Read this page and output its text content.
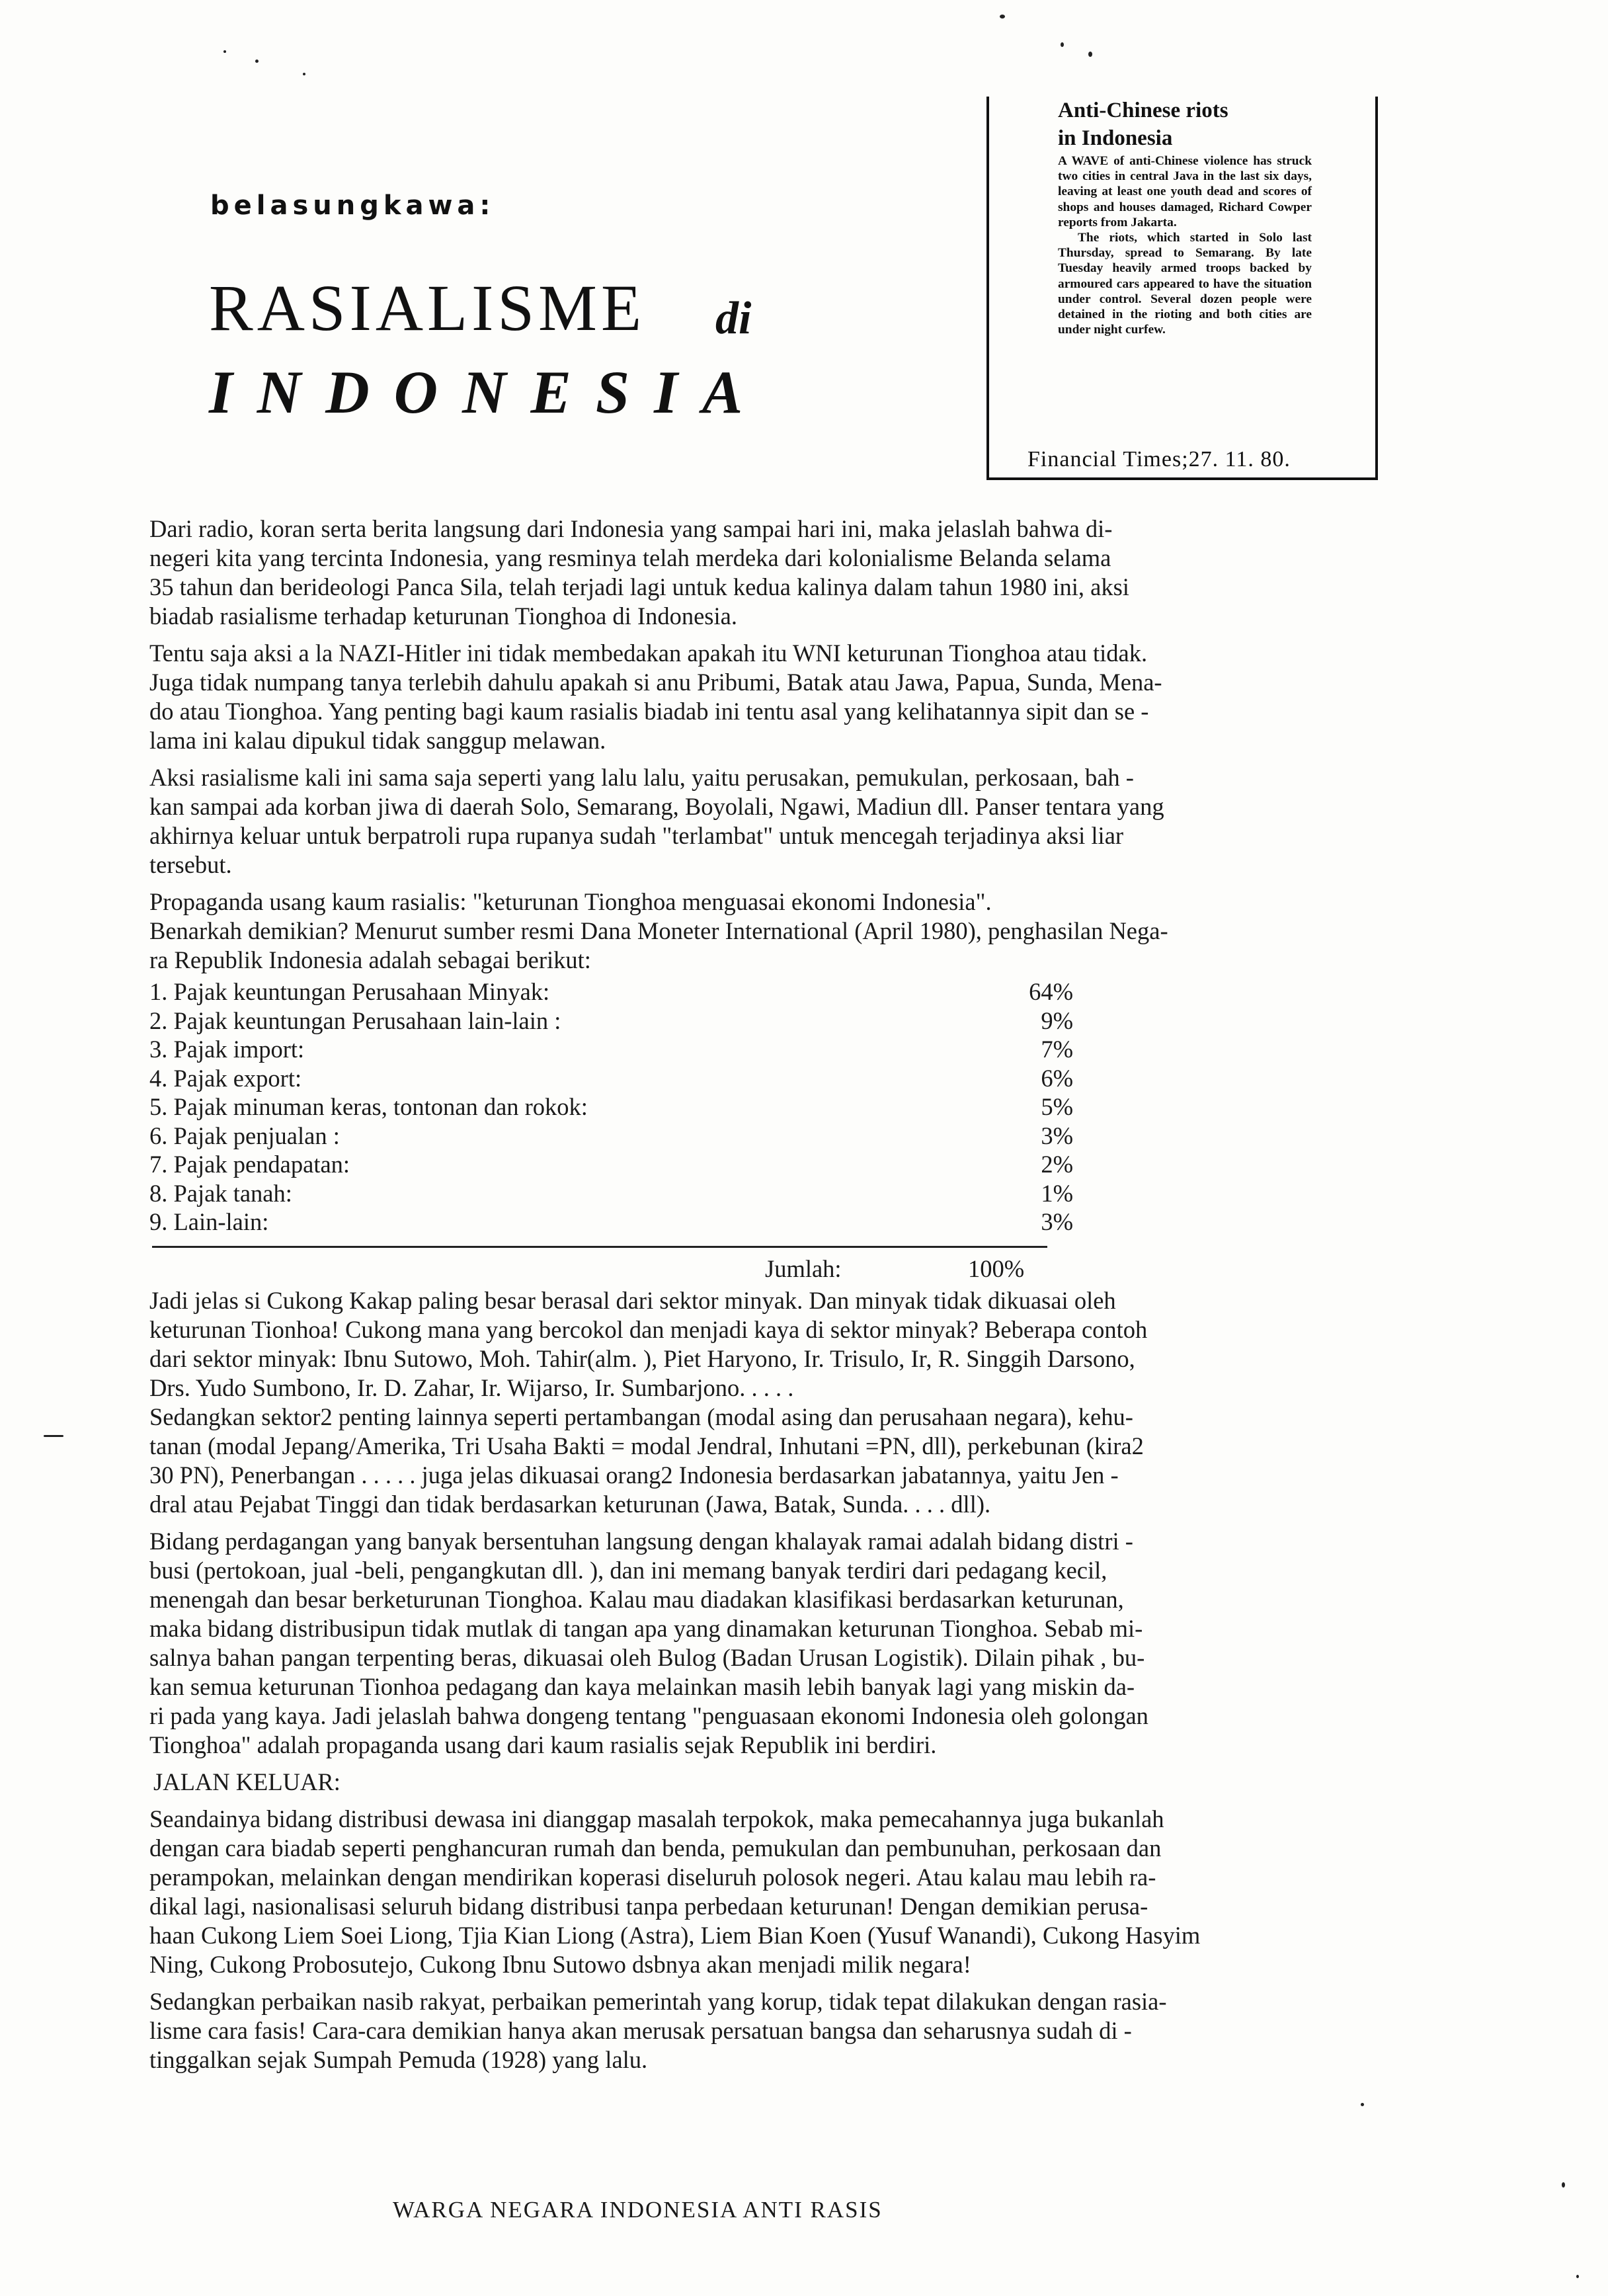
belasungkawa:
RASIALISME di
INDONESIA
Anti-Chinese riots
in Indonesia

A WAVE of anti-Chinese violence has struck two cities in central Java in the last six days, leaving at least one youth dead and scores of shops and houses damaged, Richard Cowper reports from Jakarta.

The riots, which started in Solo last Thursday, spread to Semarang. By late Tuesday heavily armed troops backed by armoured cars appeared to have the situation under control. Several dozen people were detained in the rioting and both cities are under night curfew.

Financial Times;27. 11. 80.
Dari radio, koran serta berita langsung dari Indonesia yang sampai hari ini, maka jelaslah bahwa di-
negeri kita yang tercinta Indonesia, yang resminya telah merdeka dari kolonialisme Belanda selama
35 tahun dan berideologi Panca Sila, telah terjadi lagi untuk kedua kalinya dalam tahun 1980 ini, aksi
biadab rasialisme terhadap keturunan Tionghoa di Indonesia.
Tentu saja aksi a la NAZI-Hitler ini tidak membedakan apakah itu WNI keturunan Tionghoa atau tidak.
Juga tidak numpang tanya terlebih dahulu apakah si anu Pribumi, Batak atau Jawa, Papua, Sunda, Mena-
do atau Tionghoa. Yang penting bagi kaum rasialis biadab ini tentu asal yang kelihatannya sipit dan se -
lama ini kalau dipukul tidak sanggup melawan.
Aksi rasialisme kali ini sama saja seperti yang lalu lalu, yaitu perusakan, pemukulan, perkosaan, bah -
kan sampai ada korban jiwa di daerah Solo, Semarang, Boyolali, Ngawi, Madiun dll. Panser tentara yang
akhirnya keluar untuk berpatroli rupa rupanya sudah "terlambat" untuk mencegah terjadinya aksi liar
tersebut.
Propaganda usang kaum rasialis: "keturunan Tionghoa menguasai ekonomi Indonesia".
Benarkah demikian? Menurut sumber resmi Dana Moneter International (April 1980), penghasilan Nega-
ra Republik Indonesia adalah sebagai berikut:
1. Pajak keuntungan Perusahaan Minyak:	64%
2. Pajak keuntungan Perusahaan lain-lain :	9%
3. Pajak import:	7%
4. Pajak export:	6%
5. Pajak minuman keras, tontonan dan rokok:	5%
6. Pajak penjualan :	3%
7. Pajak pendapatan:	2%
8. Pajak tanah:	1%
9. Lain-lain:	3%
Jumlah:	100%
Jadi jelas si Cukong Kakap paling besar berasal dari sektor minyak. Dan minyak tidak dikuasai oleh
keturunan Tionhoa! Cukong mana yang bercokol dan menjadi kaya di sektor minyak? Beberapa contoh
dari sektor minyak: Ibnu Sutowo, Moh. Tahir(alm. ), Piet Haryono, Ir. Trisulo, Ir, R. Singgih Darsono,
Drs. Yudo Sumbono, Ir. D. Zahar, Ir. Wijarso, Ir. Sumbarjono. . . . .
Sedangkan sektor2 penting lainnya seperti pertambangan (modal asing dan perusahaan negara), kehu-
tanan (modal Jepang/Amerika, Tri Usaha Bakti = modal Jendral, Inhutani =PN, dll), perkebunan (kira2
30 PN), Penerbangan . . . . . juga jelas dikuasai orang2 Indonesia berdasarkan jabatannya, yaitu Jen -
dral atau Pejabat Tinggi dan tidak berdasarkan keturunan (Jawa, Batak, Sunda. . . . dll).
Bidang perdagangan yang banyak bersentuhan langsung dengan khalayak ramai adalah bidang distri -
busi (pertokoan, jual -beli, pengangkutan dll. ), dan ini memang banyak terdiri dari pedagang kecil,
menengah dan besar berketurunan Tionghoa. Kalau mau diadakan klasifikasi berdasarkan keturunan,
maka bidang distribusipun tidak mutlak di tangan apa yang dinamakan keturunan Tionghoa. Sebab mi-
salnya bahan pangan terpenting beras, dikuasai oleh Bulog (Badan Urusan Logistik). Dilain pihak , bu-
kan semua keturunan Tionhoa pedagang dan kaya melainkan masih lebih banyak lagi yang miskin da-
ri pada yang kaya. Jadi jelaslah bahwa dongeng tentang "penguasaan ekonomi Indonesia oleh golongan
Tionghoa" adalah propaganda usang dari kaum rasialis sejak Republik ini berdiri.
JALAN KELUAR:
Seandainya bidang distribusi dewasa ini dianggap masalah terpokok, maka pemecahannya juga bukanlah
dengan cara biadab seperti penghancuran rumah dan benda, pemukulan dan pembunuhan, perkosaan dan
perampokan, melainkan dengan mendirikan koperasi diseluruh polosok negeri. Atau kalau mau lebih ra-
dikal lagi, nasionalisasi seluruh bidang distribusi tanpa perbedaan keturunan! Dengan demikian perusa-
haan Cukong Liem Soei Liong, Tjia Kian Liong (Astra), Liem Bian Koen (Yusuf Wanandi), Cukong Hasyim
Ning, Cukong Probosutejo, Cukong Ibnu Sutowo dsbnya akan menjadi milik negara!
Sedangkan perbaikan nasib rakyat, perbaikan pemerintah yang korup, tidak tepat dilakukan dengan rasia-
lisme cara fasis! Cara-cara demikian hanya akan merusak persatuan bangsa dan seharusnya sudah di -
tinggalkan sejak Sumpah Pemuda (1928) yang lalu.
WARGA NEGARA INDONESIA ANTI RASIS
